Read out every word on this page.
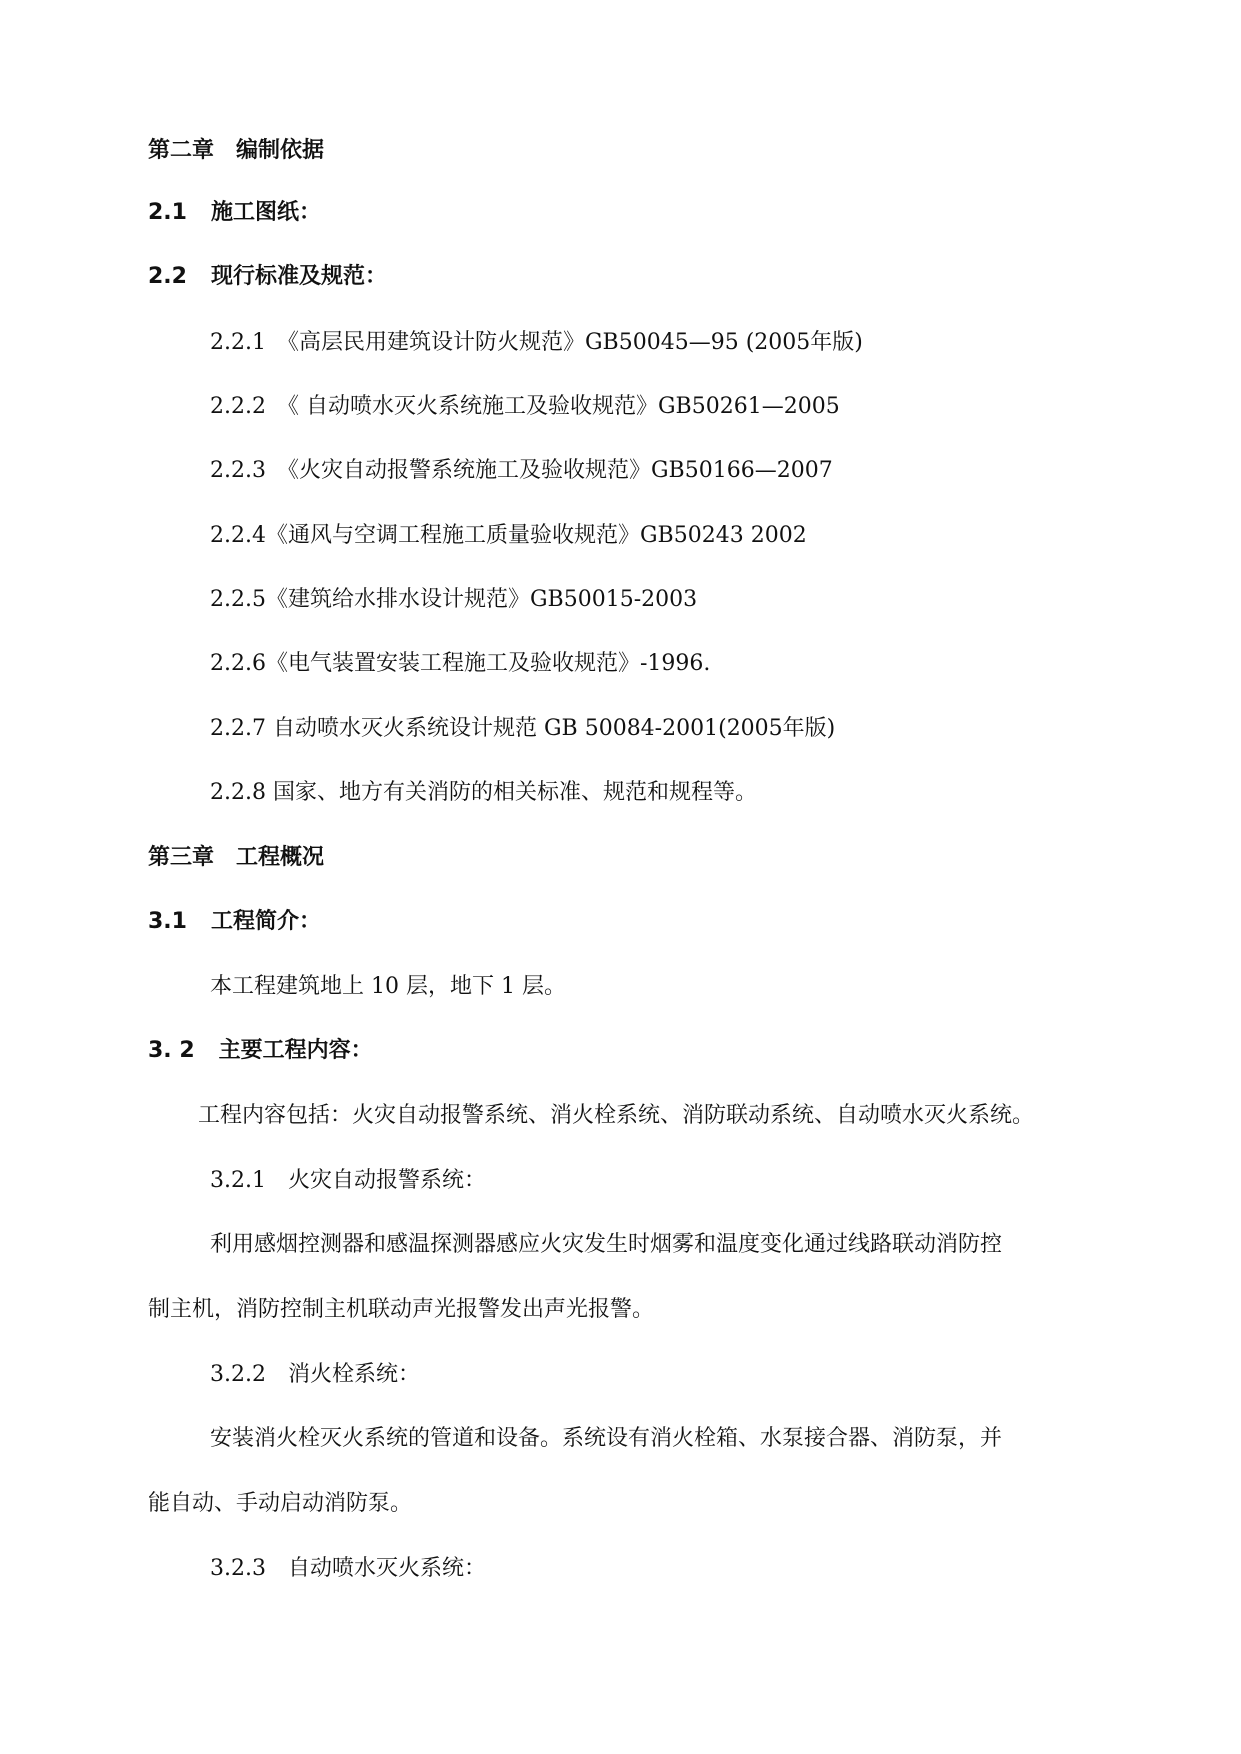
第二章　编制依据
2.1 施工图纸：
2.2 现行标准及规范：
2.2.1　《高层民用建筑设计防火规范》GB50045—95 (2005年版)
2.2.2　《 自动喷水灭火系统施工及验收规范》GB50261—2005
2.2.3　《火灾自动报警系统施工及验收规范》GB50166—2007
2.2.4《通风与空调工程施工质量验收规范》GB50243 2002
2.2.5《建筑给水排水设计规范》GB50015-2003
2.2.6《电气装置安装工程施工及验收规范》-1996.
2.2.7 自动喷水灭火系统设计规范 GB 50084-2001(2005年版)
2.2.8 国家、地方有关消防的相关标准、规范和规程等。
第三章　工程概况
3.1 工程简介：
本工程建筑地上 10 层，地下 1 层。
3. 2 主要工程内容：
工程内容包括：火灾自动报警系统、消火栓系统、消防联动系统、自动喷水灭火系统。
3.2.1　火灾自动报警系统：
利用感烟控测器和感温探测器感应火灾发生时烟雾和温度变化通过线路联动消防控
制主机，消防控制主机联动声光报警发出声光报警。
3.2.2　消火栓系统：
安装消火栓灭火系统的管道和设备。系统设有消火栓箱、水泵接合器、消防泵，并
能自动、手动启动消防泵。
3.2.3　自动喷水灭火系统：
